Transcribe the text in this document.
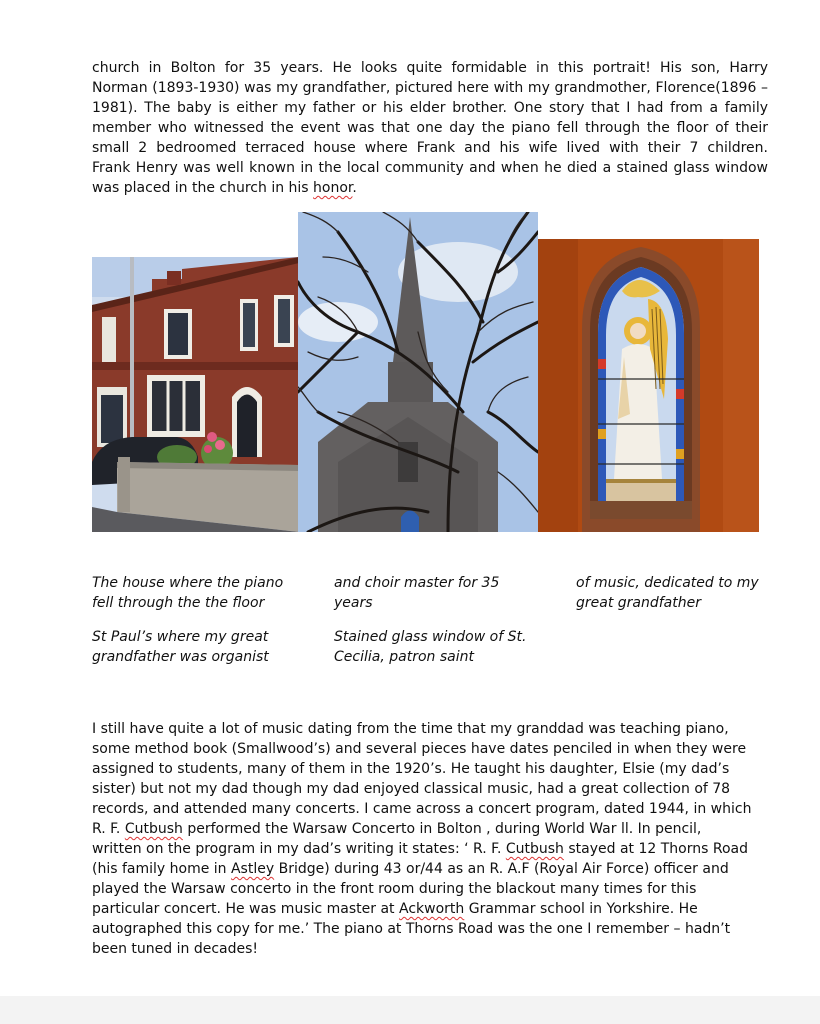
church in Bolton for 35 years. He looks quite formidable in this portrait! His son, Harry
Norman (1893-1930) was my grandfather, pictured here with my grandmother, Florence(1896 –
1981). The baby is either my father or his elder brother. One story that I had from a family
member who witnessed the event was that one day the piano fell through the floor of their
small 2 bedroomed terraced house where Frank and his wife lived with their 7 children.
Frank Henry was well known in the local community and when he died a stained glass window
was placed in the church in his honor.

The house where the piano fell through the the floor

St Paul’s where my great grandfather was organist

and choir master for 35 years

Stained glass window of St. Cecilia, patron saint

of music, dedicated to my great grandfather

I still have quite a lot of music dating from the time that my granddad was teaching piano,
some method book (Smallwood’s) and several pieces have dates penciled in when they were
assigned to students, many of them in the 1920’s. He taught his daughter, Elsie (my dad’s
sister) but not my dad though my dad enjoyed classical music, had a great collection of 78
records, and attended many concerts. I came across a concert program, dated 1944, in which
R. F. Cutbush performed the Warsaw Concerto in Bolton , during World War ll. In pencil,
written on the program in my dad’s writing it states: ‘ R. F. Cutbush stayed at 12 Thorns Road
(his family home in Astley Bridge) during 43 or/44 as an R. A.F (Royal Air Force) officer and
played the Warsaw concerto in the front room during the blackout many times for this
particular concert. He was music master at Ackworth Grammar school in Yorkshire. He
autographed this copy for me.’ The piano at Thorns Road was the one I remember – hadn’t
been tuned in decades!
